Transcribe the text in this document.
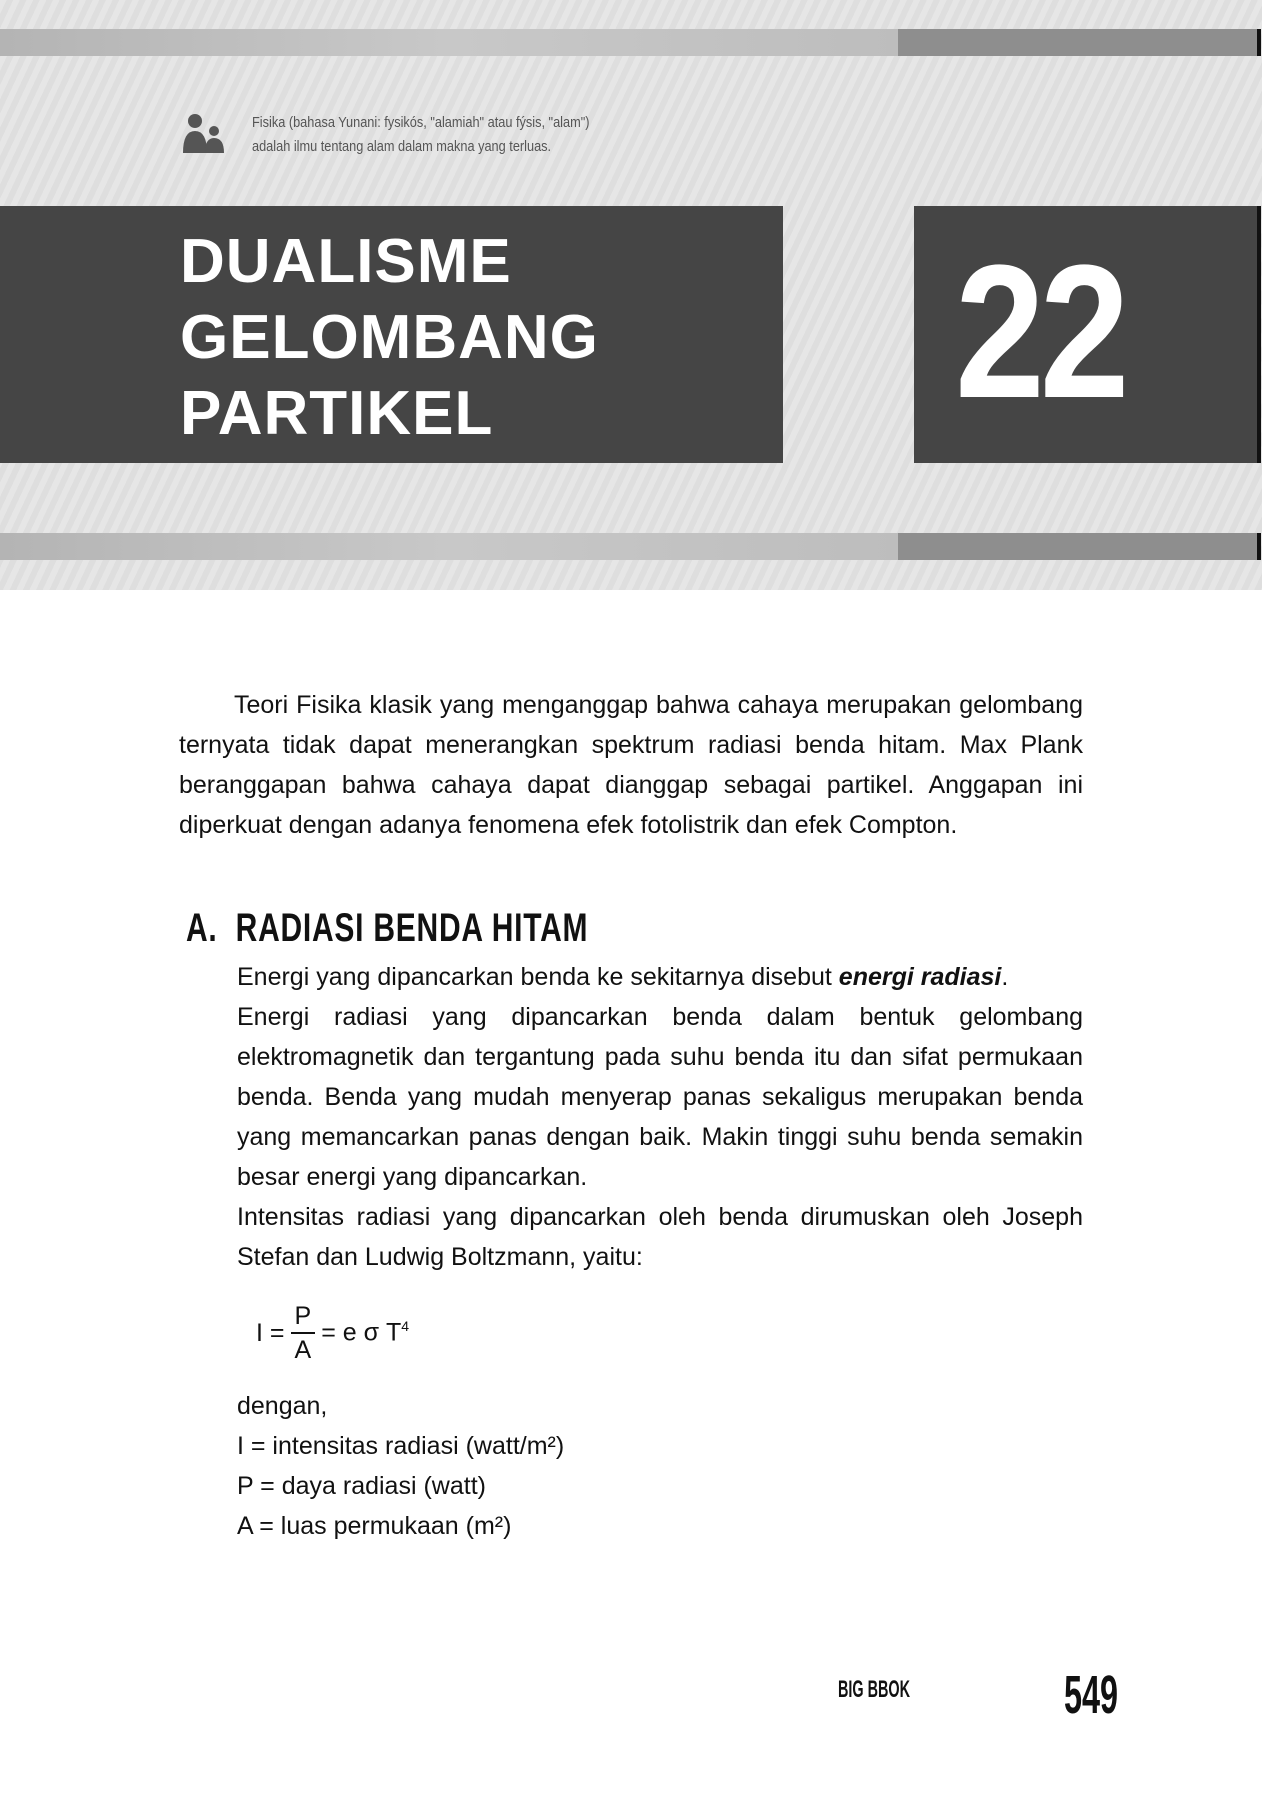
Fisika (bahasa Yunani: fysikós, "alamiah" atau fýsis, "alam")
adalah ilmu tentang alam dalam makna yang terluas.
DUALISME
GELOMBANG
PARTIKEL	22
Teori Fisika klasik yang menganggap bahwa cahaya merupakan gelombang ternyata tidak dapat menerangkan spektrum radiasi benda hitam. Max Plank beranggapan bahwa cahaya dapat dianggap sebagai partikel. Anggapan ini diperkuat dengan adanya fenomena efek fotolistrik dan efek Compton.
A. RADIASI BENDA HITAM
Energi yang dipancarkan benda ke sekitarnya disebut energi radiasi.
Energi radiasi yang dipancarkan benda dalam bentuk gelombang elektromagnetik dan tergantung pada suhu benda itu dan sifat permukaan benda. Benda yang mudah menyerap panas sekaligus merupakan benda yang memancarkan panas dengan baik. Makin tinggi suhu benda semakin besar energi yang dipancarkan.
Intensitas radiasi yang dipancarkan oleh benda dirumuskan oleh Joseph Stefan dan Ludwig Boltzmann, yaitu:
$I = \frac{P}{A} = e$ σ $T^4$
dengan,
I = intensitas radiasi (watt/m²)
P = daya radiasi (watt)
A = luas permukaan (m²)
BIG BBOK	549
